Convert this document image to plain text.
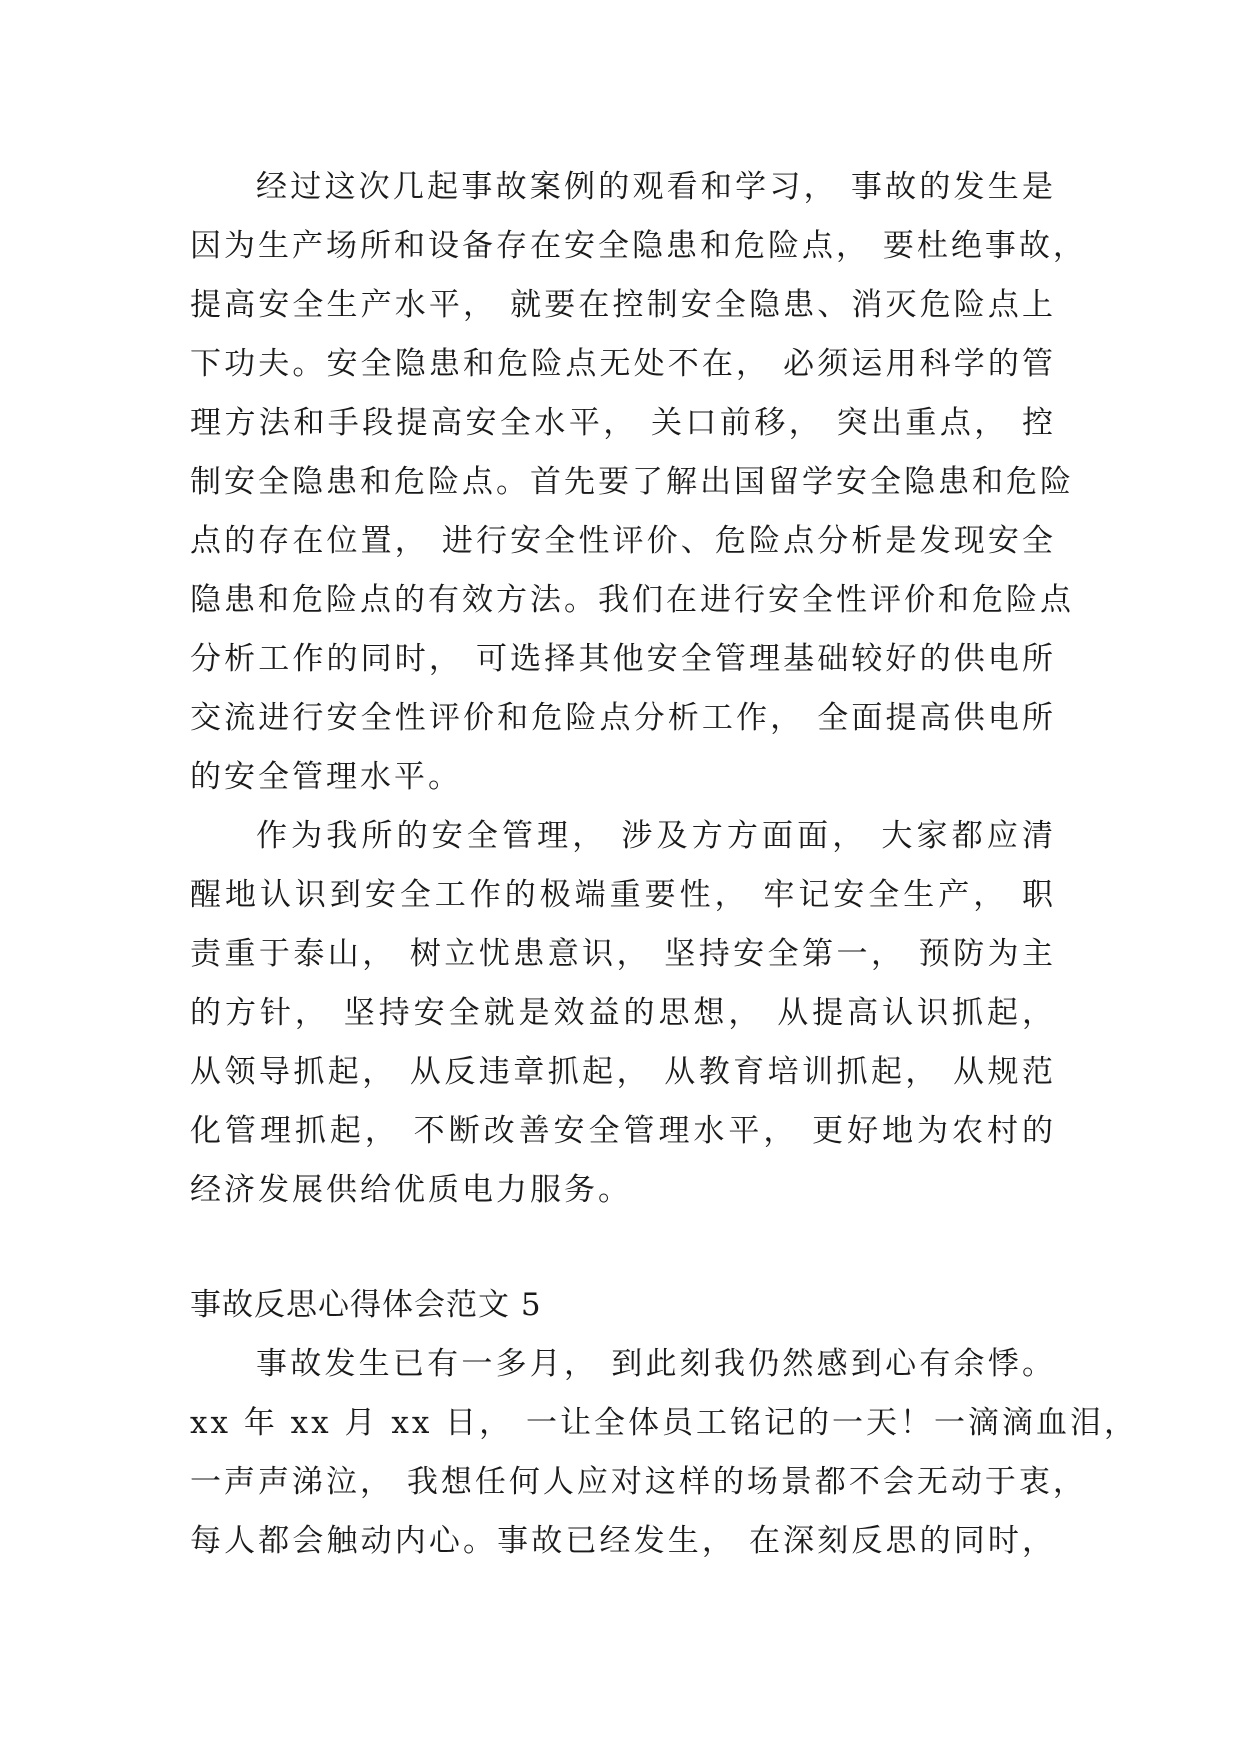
经过这次几起事故案例的观看和学习， 事故的发生是
因为生产场所和设备存在安全隐患和危险点， 要杜绝事故，
提高安全生产水平， 就要在控制安全隐患、消灭危险点上
下功夫。安全隐患和危险点无处不在， 必须运用科学的管
理方法和手段提高安全水平， 关口前移， 突出重点， 控
制安全隐患和危险点。首先要了解出国留学安全隐患和危险
点的存在位置， 进行安全性评价、危险点分析是发现安全
隐患和危险点的有效方法。我们在进行安全性评价和危险点
分析工作的同时， 可选择其他安全管理基础较好的供电所
交流进行安全性评价和危险点分析工作， 全面提高供电所
的安全管理水平。
作为我所的安全管理， 涉及方方面面， 大家都应清
醒地认识到安全工作的极端重要性， 牢记安全生产， 职
责重于泰山， 树立忧患意识， 坚持安全第一， 预防为主
的方针， 坚持安全就是效益的思想， 从提高认识抓起，
从领导抓起， 从反违章抓起， 从教育培训抓起， 从规范
化管理抓起， 不断改善安全管理水平， 更好地为农村的
经济发展供给优质电力服务。
事故反思心得体会范文 5
事故发生已有一多月， 到此刻我仍然感到心有余悸。
xx 年 xx 月 xx 日， 一让全体员工铭记的一天！一滴滴血泪，
一声声涕泣， 我想任何人应对这样的场景都不会无动于衷，
每人都会触动内心。事故已经发生， 在深刻反思的同时，
